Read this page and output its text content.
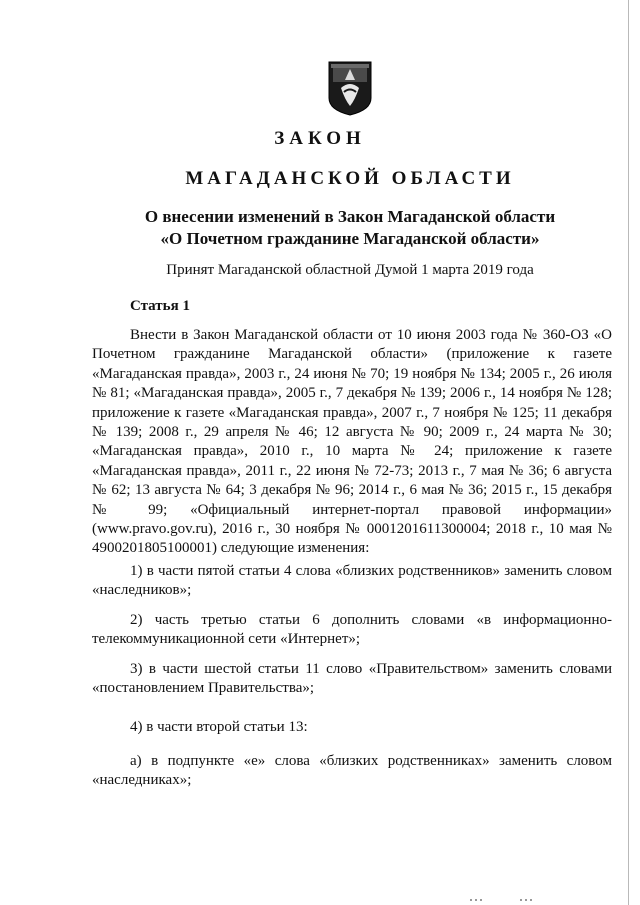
ЗАКОН
МАГАДАНСКОЙ ОБЛАСТИ
О внесении изменений в Закон Магаданской области
«О Почетном гражданине Магаданской области»
Принят Магаданской областной Думой 1 марта 2019 года
Статья 1

Внести в Закон Магаданской области от 10 июня 2003 года № 360-ОЗ «О Почетном гражданине Магаданской области» (приложение к газете «Магаданская правда», 2003 г., 24 июня № 70; 19 ноября № 134; 2005 г., 26 июля № 81; «Магаданская правда», 2005 г., 7 декабря № 139; 2006 г., 14 ноября № 128; приложение к газете «Магаданская правда», 2007 г., 7 ноября № 125; 11 декабря № 139; 2008 г., 29 апреля № 46; 12 августа № 90; 2009 г., 24 марта № 30; «Магаданская правда», 2010 г., 10 марта № 24; приложение к газете «Магаданская правда», 2011 г., 22 июня № 72-73; 2013 г., 7 мая № 36; 6 августа № 62; 13 августа № 64; 3 декабря № 96; 2014 г., 6 мая № 36; 2015 г., 15 декабря № 99; «Официальный интернет-портал правовой информации» (www.pravo.gov.ru), 2016 г., 30 ноября № 0001201611300004; 2018 г., 10 мая № 4900201805100001) следующие изменения:

1) в части пятой статьи 4 слова «близких родственников» заменить словом «наследников»;

2) часть третью статьи 6 дополнить словами «в информационно-телекоммуникационной сети «Интернет»;

3) в части шестой статьи 11 слово «Правительством» заменить словами «постановлением Правительства»;

4) в части второй статьи 13:

а) в подпункте «е» слова «близких родственниках» заменить словом «наследниках»;
